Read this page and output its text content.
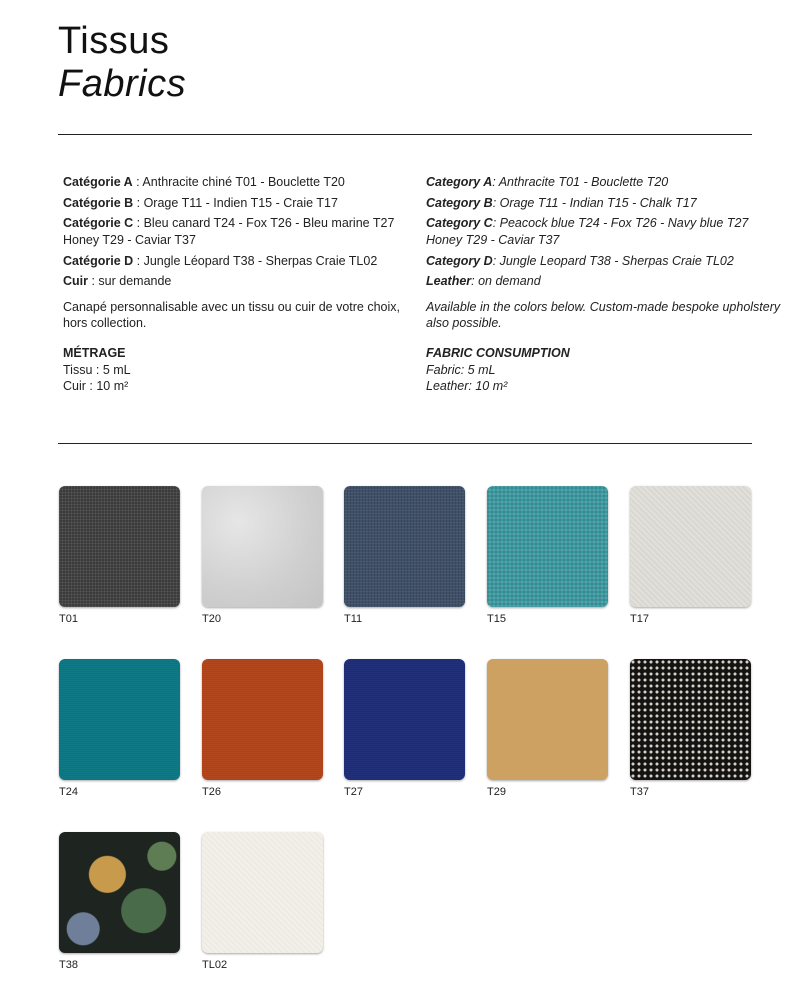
Tissus
Fabrics
Catégorie A : Anthracite chiné T01 - Bouclette T20
Catégorie B : Orage T11 - Indien T15 - Craie T17
Catégorie C : Bleu canard T24 - Fox T26 - Bleu marine T27
Honey T29 - Caviar T37
Catégorie D : Jungle Léopard T38 - Sherpas Craie TL02
Cuir : sur demande
Canapé personnalisable avec un tissu ou cuir de votre choix, hors collection.
MÉTRAGE
Tissu : 5 mL
Cuir : 10 m²
Category A: Anthracite T01 - Bouclette T20
Category B: Orage T11 - Indian T15 - Chalk T17
Category C: Peacock blue T24 - Fox T26 - Navy blue T27
Honey T29 - Caviar T37
Category D: Jungle Leopard T38 - Sherpas Craie TL02
Leather: on demand
Available in the colors below. Custom-made bespoke upholstery also possible.
FABRIC CONSUMPTION
Fabric: 5 mL
Leather: 10 m²
T01	T20	T11	T15	T17
T24	T26	T27	T29	T37
T38	TL02
